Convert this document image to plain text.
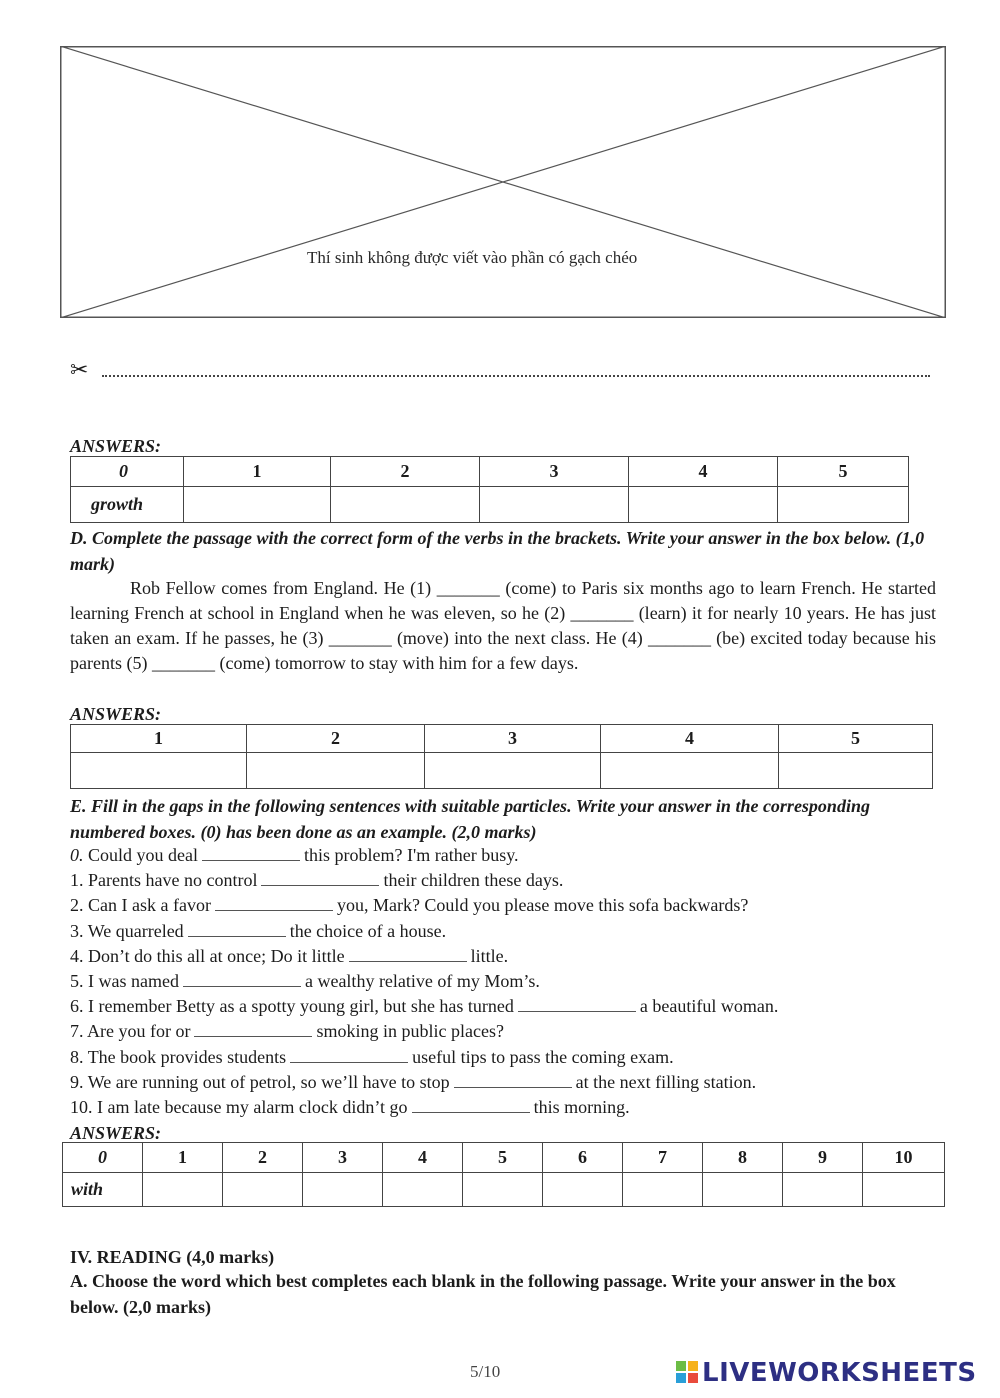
Thí sinh không được viết vào phần có gạch chéo
✂
ANSWERS:
0	1	2	3	4	5
growth					
D. Complete the passage with the correct form of the verbs in the brackets. Write your answer in the box below. (1,0 mark)
Rob Fellow comes from England. He (1) _______ (come) to Paris six months ago to learn French. He started learning French at school in England when he was eleven, so he (2) _______ (learn) it for nearly 10 years. He has just taken an exam. If he passes, he (3) _______ (move) into the next class. He (4) _______ (be) excited today because his parents (5) _______ (come) tomorrow to stay with him for a few days.
ANSWERS:
1	2	3	4	5

E. Fill in the gaps in the following sentences with suitable particles. Write your answer in the corresponding numbered boxes. (0) has been done as an example. (2,0 marks)
0. Could you deal	this problem? I'm rather busy.
1. Parents have no control	their children these days.
2. Can I ask a favor	you, Mark? Could you please move this sofa backwards?
3. We quarreled	the choice of a house.
4. Don’t do this all at once; Do it little	little.
5. I was named	a wealthy relative of my Mom’s.
6. I remember Betty as a spotty young girl, but she has turned	a beautiful woman.
7. Are you for or	smoking in public places?
8. The book provides students	useful tips to pass the coming exam.
9. We are running out of petrol, so we’ll have to stop	at the next filling station.
10. I am late because my alarm clock didn’t go	this morning.
ANSWERS:
0	1	2	3	4	5	6	7	8	9	10
with										
IV. READING (4,0 marks)
A. Choose the word which best completes each blank in the following passage. Write your answer in the box below. (2,0 marks)
5/10	LIVEWORKSHEETS
